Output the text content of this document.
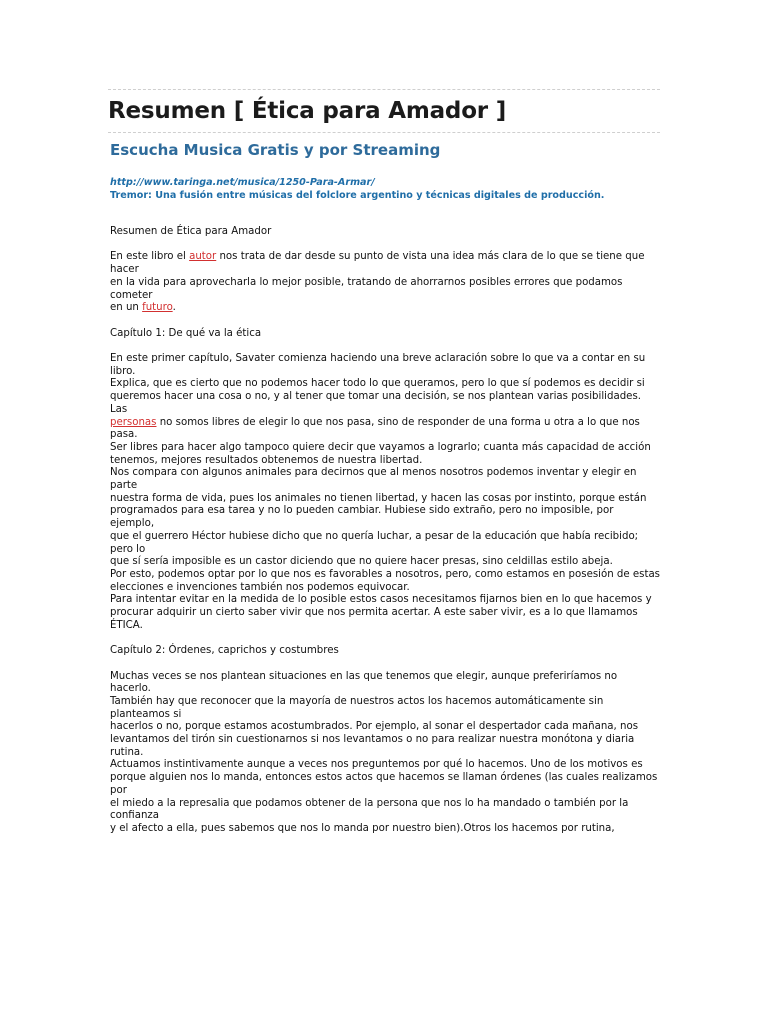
Resumen [ Ética para Amador ]
Escucha Musica Gratis y por Streaming
http://www.taringa.net/musica/1250-Para-Armar/
Tremor: Una fusión entre músicas del folclore argentino y técnicas digitales de producción.

Resumen de Ética para Amador

En este libro el autor nos trata de dar desde su punto de vista una idea más clara de lo que se tiene que hacer
en la vida para aprovecharla lo mejor posible, tratando de ahorrarnos posibles errores que podamos cometer
en un futuro.

Capítulo 1: De qué va la ética

En este primer capítulo, Savater comienza haciendo una breve aclaración sobre lo que va a contar en su libro.
Explica, que es cierto que no podemos hacer todo lo que queramos, pero lo que sí podemos es decidir si
queremos hacer una cosa o no, y al tener que tomar una decisión, se nos plantean varias posibilidades. Las
personas no somos libres de elegir lo que nos pasa, sino de responder de una forma u otra a lo que nos pasa.
Ser libres para hacer algo tampoco quiere decir que vayamos a lograrlo; cuanta más capacidad de acción
tenemos, mejores resultados obtenemos de nuestra libertad.
Nos compara con algunos animales para decirnos que al menos nosotros podemos inventar y elegir en parte
nuestra forma de vida, pues los animales no tienen libertad, y hacen las cosas por instinto, porque están
programados para esa tarea y no lo pueden cambiar. Hubiese sido extraño, pero no imposible, por ejemplo,
que el guerrero Héctor hubiese dicho que no quería luchar, a pesar de la educación que había recibido; pero lo
que sí sería imposible es un castor diciendo que no quiere hacer presas, sino celdillas estilo abeja.
Por esto, podemos optar por lo que nos es favorables a nosotros, pero, como estamos en posesión de estas
elecciones e invenciones también nos podemos equivocar.
Para intentar evitar en la medida de lo posible estos casos necesitamos fijarnos bien en lo que hacemos y
procurar adquirir un cierto saber vivir que nos permita acertar. A este saber vivir, es a lo que llamamos ÉTICA.

Capítulo 2: Órdenes, caprichos y costumbres

Muchas veces se nos plantean situaciones en las que tenemos que elegir, aunque preferiríamos no hacerlo.
También hay que reconocer que la mayoría de nuestros actos los hacemos automáticamente sin planteamos si
hacerlos o no, porque estamos acostumbrados. Por ejemplo, al sonar el despertador cada mañana, nos
levantamos del tirón sin cuestionarnos si nos levantamos o no para realizar nuestra monótona y diaria rutina.
Actuamos instintivamente aunque a veces nos preguntemos por qué lo hacemos. Uno de los motivos es
porque alguien nos lo manda, entonces estos actos que hacemos se llaman órdenes (las cuales realizamos por
el miedo a la represalia que podamos obtener de la persona que nos lo ha mandado o también por la confianza
y el afecto a ella, pues sabemos que nos lo manda por nuestro bien).Otros los hacemos por rutina,
